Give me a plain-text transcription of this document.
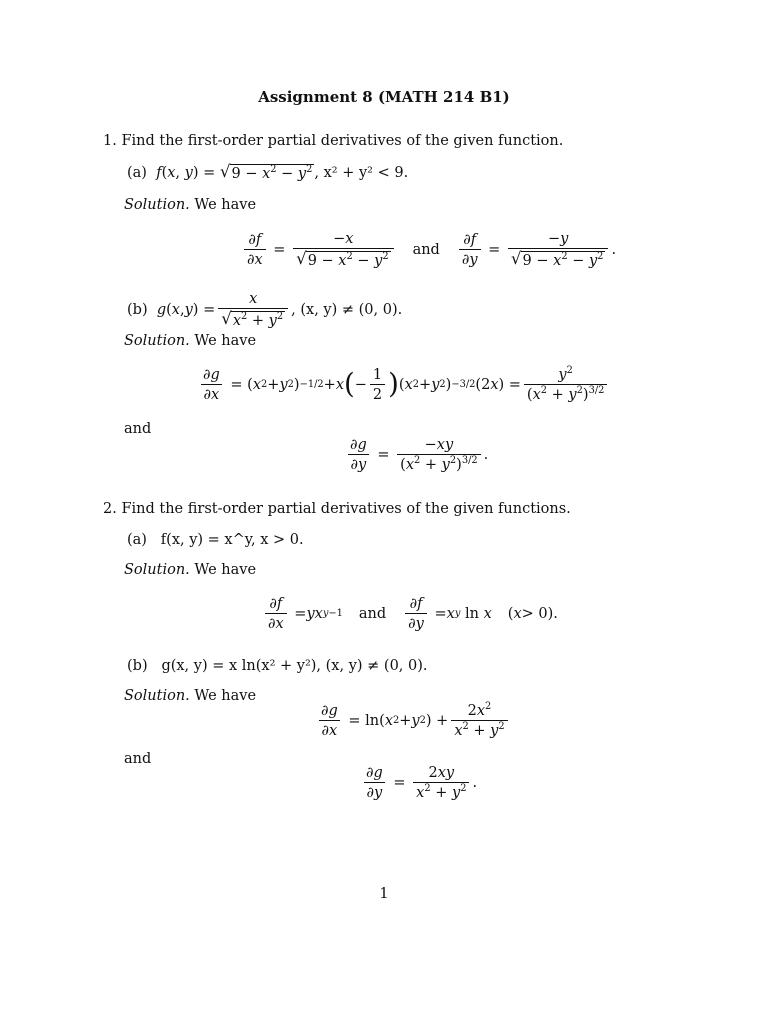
Assignment 8 (MATH 214 B1)
1. Find the first-order partial derivatives of the given function.
(a)
f(x, y) = √ $9 - x^2 - y^2$ , x² + y² < 9.
Solution. We have
$\frac{\partial f}{\partial x} = \frac{-x}{√ 9 - x^2 - y^2}$ and $\frac{\partial f}{\partial y} = \frac{-y}{√ 9 - x^2 - y^2}$ .
(b)
g ( x , y ) = $\frac{x}{√ x^2 + y^2}$ , (x, y) ≠ (0, 0).
Solution. We have
$\frac{\partial g}{\partial x}$ = ( x 2 + y 2 ) −1/2 + x ( − $\frac{1}{2}$ ) ( x 2 + y 2 ) −3/2 (2 x ) = $\frac{y^2}{(x^2 + y^2)^{3/2}}$
and
$\frac{\partial g}{\partial y} = \frac{-xy}{(x^2 + y^2)^{3/2}}$ .
2. Find the first-order partial derivatives of the given functions.
(a) f(x, y) = x^y, x > 0.
Solution. We have
$\frac{\partial f}{\partial x}$ = yx y−1 and $\frac{\partial f}{\partial y} = x$ y ln x ( x > 0).
(b) g(x, y) = x ln(x² + y²), (x, y) ≠ (0, 0).
Solution. We have
$\frac{\partial g}{\partial x} = \ln$( x 2 + y 2 ) + $\frac{2x^2}{x^2 + y^2}$
and
$\frac{\partial g}{\partial y} = \frac{2xy}{x^2 + y^2}$ .
1
